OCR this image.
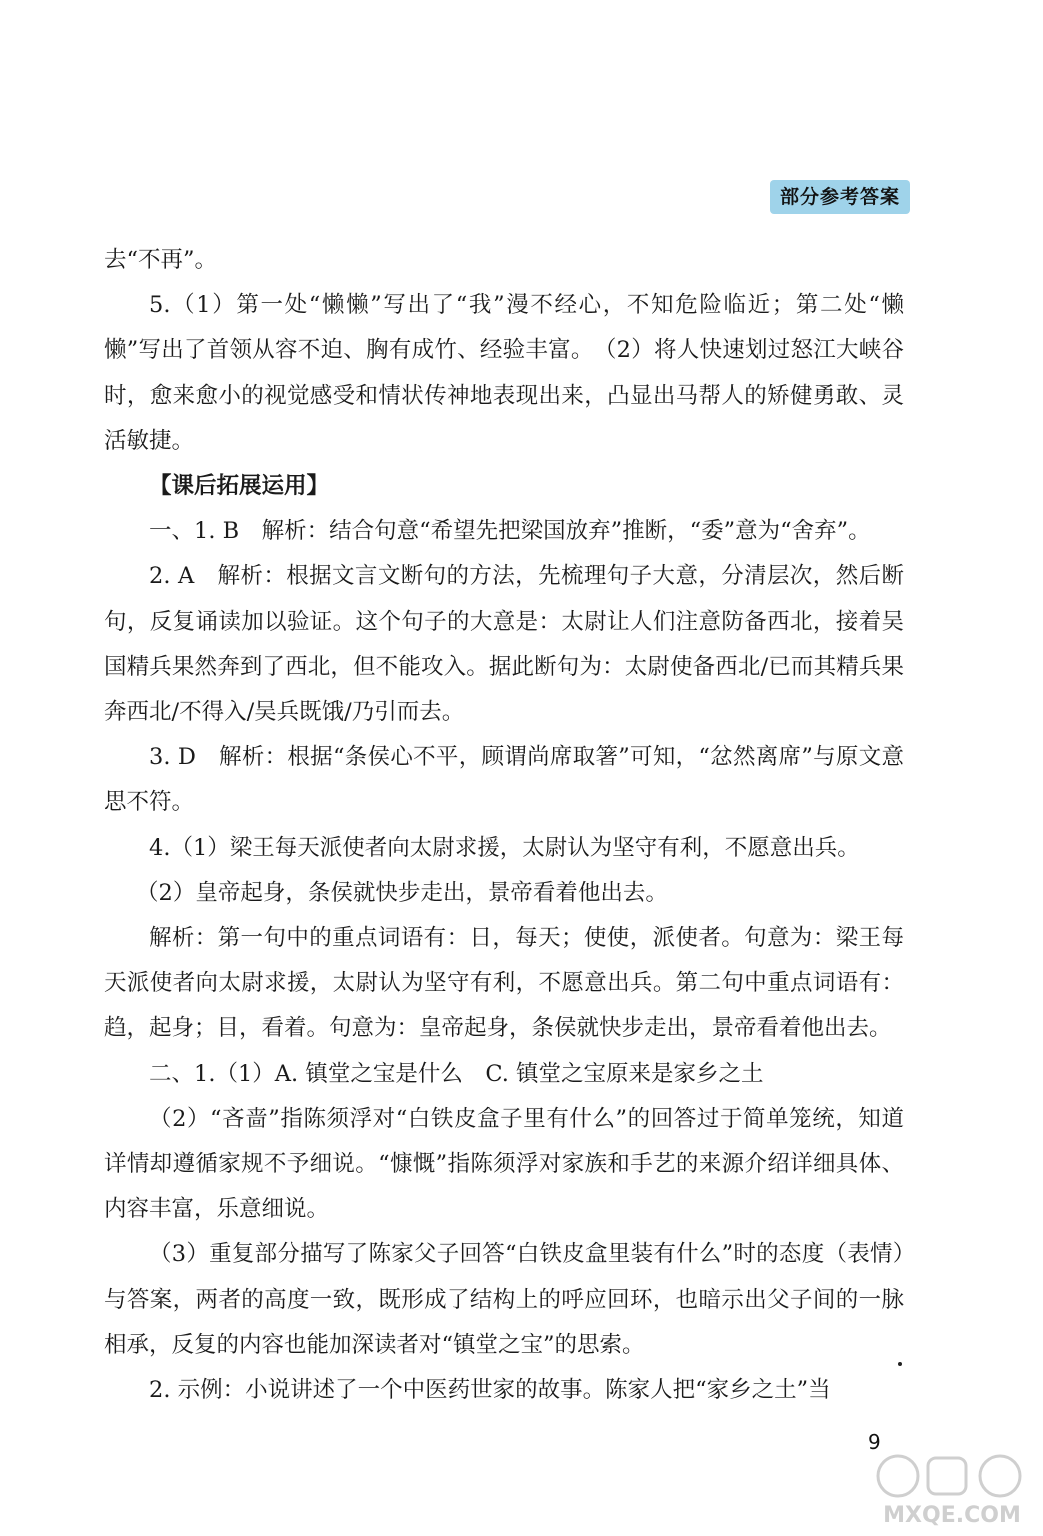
部分参考答案

去“不再”。

5.（1）第一处“懒懒”写出了“我”漫不经心，不知危险临近；第二处“懒懒”写出了首领从容不迫、胸有成竹、经验丰富。　（2）将人快速划过怒江大峡谷时，愈来愈小的视觉感受和情状传神地表现出来，凸显出马帮人的矫健勇敢、灵活敏捷。

【课后拓展运用】

一、1. B　解析：结合句意“希望先把梁国放弃”推断，“委”意为“舍弃”。

2. A　解析：根据文言文断句的方法，先梳理句子大意，分清层次，然后断句，反复诵读加以验证。这个句子的大意是：太尉让人们注意防备西北，接着吴国精兵果然奔到了西北，但不能攻入。据此断句为：太尉使备西北/已而其精兵果奔西北/不得入/吴兵既饿/乃引而去。

3. D　解析：根据“条侯心不平，顾谓尚席取箸”可知，“忿然离席”与原文意思不符。

4.（1）梁王每天派使者向太尉求援，太尉认为坚守有利，不愿意出兵。

（2）皇帝起身，条侯就快步走出，景帝看着他出去。

解析：第一句中的重点词语有：日，每天；使使，派使者。句意为：梁王每天派使者向太尉求援，太尉认为坚守有利，不愿意出兵。第二句中重点词语有：趋，起身；目，看着。句意为：皇帝起身，条侯就快步走出，景帝看着他出去。

二、1.（1）A. 镇堂之宝是什么　C. 镇堂之宝原来是家乡之土

（2）“吝啬”指陈须浮对“白铁皮盒子里有什么”的回答过于简单笼统，知道详情却遵循家规不予细说。“慷慨”指陈须浮对家族和手艺的来源介绍详细具体、内容丰富，乐意细说。

（3）重复部分描写了陈家父子回答“白铁皮盒里装有什么”时的态度（表情）与答案，两者的高度一致，既形成了结构上的呼应回环，也暗示出父子间的一脉相承，反复的内容也能加深读者对“镇堂之宝”的思索。

2. 示例：小说讲述了一个中医药世家的故事。陈家人把“家乡之土”当

9
MXQE.COM
